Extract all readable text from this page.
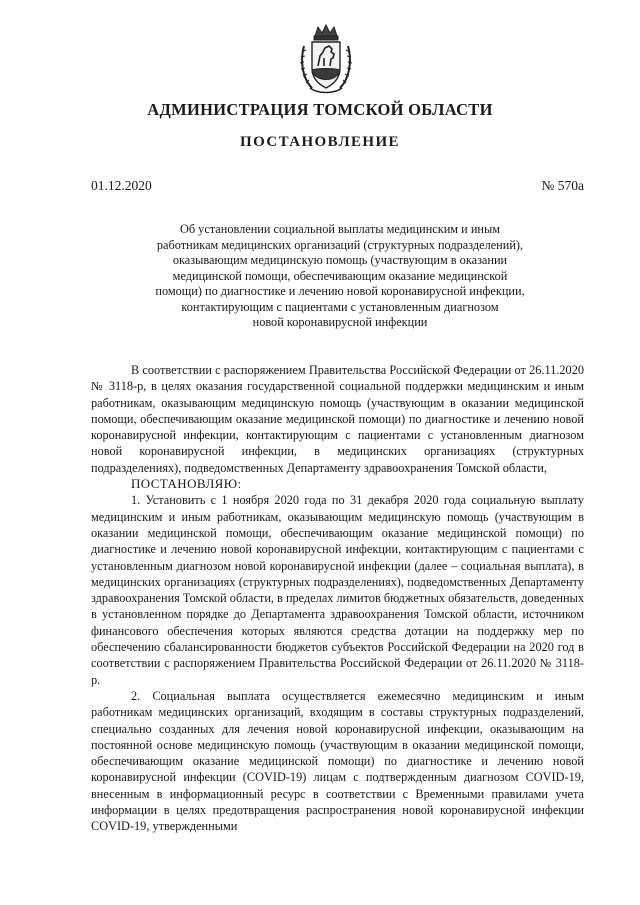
АДМИНИСТРАЦИЯ ТОМСКОЙ ОБЛАСТИ
ПОСТАНОВЛЕНИЕ
01.12.2020	№ 570а
Об установлении социальной выплаты медицинским и иным
работникам медицинских организаций (структурных подразделений),
оказывающим медицинскую помощь (участвующим в оказании
медицинской помощи, обеспечивающим оказание медицинской
помощи) по диагностике и лечению новой коронавирусной инфекции,
контактирующим с пациентами с установленным диагнозом
новой коронавирусной инфекции
В соответствии с распоряжением Правительства Российской Федерации от 26.11.2020 № 3118-р, в целях оказания государственной социальной поддержки медицинским и иным работникам, оказывающим медицинскую помощь (участвующим в оказании медицинской помощи, обеспечивающим оказание медицинской помощи) по диагностике и лечению новой коронавирусной инфекции, контактирующим с пациентами с установленным диагнозом новой коронавирусной инфекции, в медицинских организациях (структурных подразделениях), подведомственных Департаменту здравоохранения Томской области,
ПОСТАНОВЛЯЮ:
1. Установить с 1 ноября 2020 года по 31 декабря 2020 года социальную выплату медицинским и иным работникам, оказывающим медицинскую помощь (участвующим в оказании медицинской помощи, обеспечивающим оказание медицинской помощи) по диагностике и лечению новой коронавирусной инфекции, контактирующим с пациентами с установленным диагнозом новой коронавирусной инфекции (далее – социальная выплата), в медицинских организациях (структурных подразделениях), подведомственных Департаменту здравоохранения Томской области, в пределах лимитов бюджетных обязательств, доведенных в установленном порядке до Департамента здравоохранения Томской области, источником финансового обеспечения которых являются средства дотации на поддержку мер по обеспечению сбалансированности бюджетов субъектов Российской Федерации на 2020 год в соответствии с распоряжением Правительства Российской Федерации от 26.11.2020 № 3118-р.
2. Социальная выплата осуществляется ежемесячно медицинским и иным работникам медицинских организаций, входящим в составы структурных подразделений, специально созданных для лечения новой коронавирусной инфекции, оказывающим на постоянной основе медицинскую помощь (участвующим в оказании медицинской помощи, обеспечивающим оказание медицинской помощи) по диагностике и лечению новой коронавирусной инфекции (COVID-19) лицам с подтвержденным диагнозом COVID-19, внесенным в информационный ресурс в соответствии с Временными правилами учета информации в целях предотвращения распространения новой коронавирусной инфекции COVID-19, утвержденными
